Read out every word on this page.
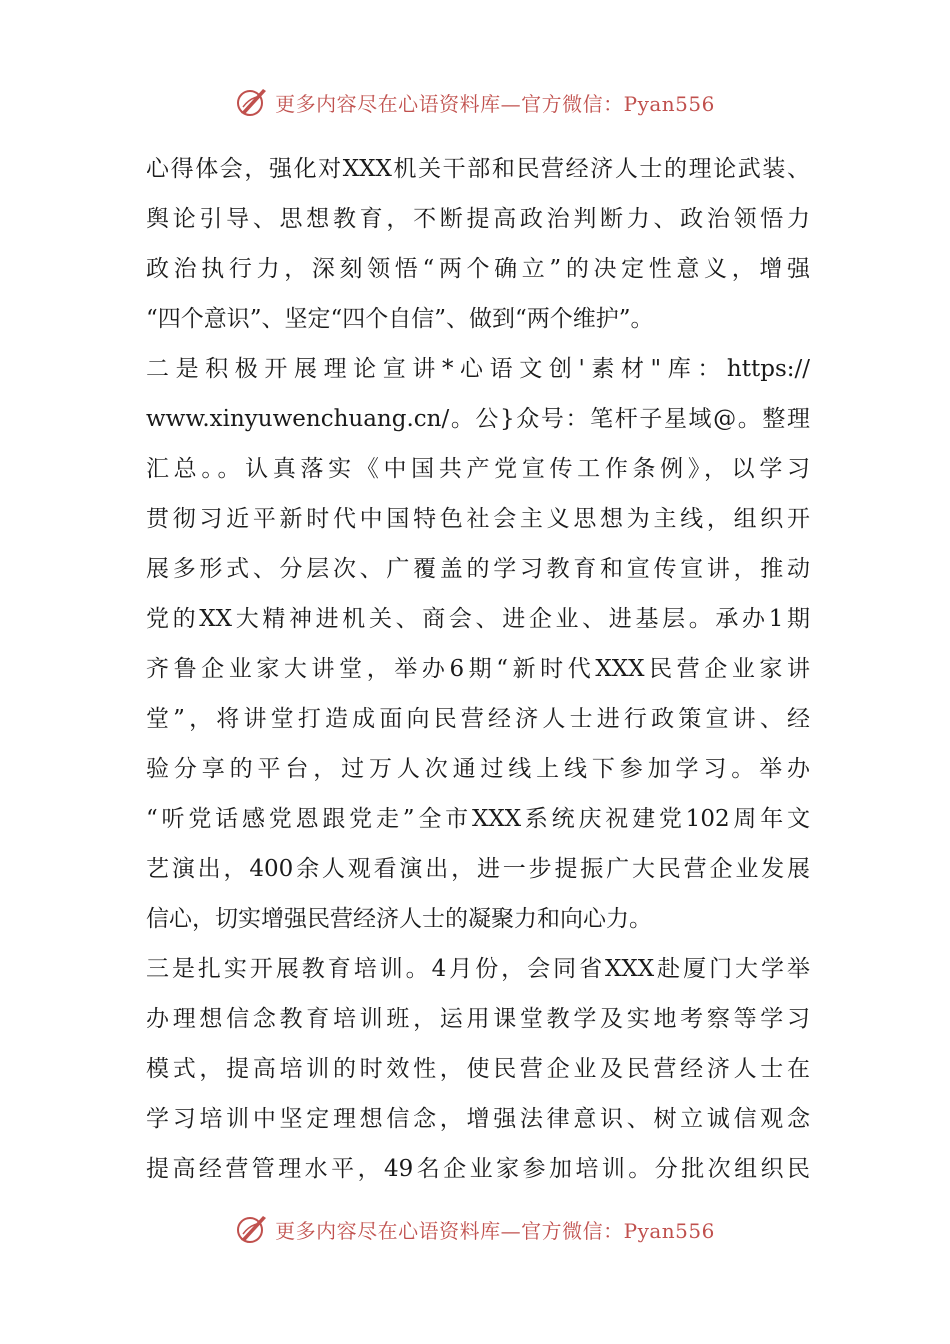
更多内容尽在心语资料库—官方微信：Pyan556
心得体会，强化对XXX机关干部和民营经济人士的理论武装、
舆论引导、思想教育，不断提高政治判断力、政治领悟力
政治执行力，深刻领悟“两个确立”的决定性意义，增强
“四个意识”、坚定“四个自信”、做到“两个维护”。
二是积极开展理论宣讲*心语文创'素材"库：https://
www.xinyuwenchuang.cn/。公}众号：笔杆子星域@。整理
汇总。。认真落实《中国共产党宣传工作条例》，以学习
贯彻习近平新时代中国特色社会主义思想为主线，组织开
展多形式、分层次、广覆盖的学习教育和宣传宣讲，推动
党的XX大精神进机关、商会、进企业、进基层。承办1期
齐鲁企业家大讲堂，举办6期“新时代XXX民营企业家讲
堂”，将讲堂打造成面向民营经济人士进行政策宣讲、经
验分享的平台，过万人次通过线上线下参加学习。举办
“听党话感党恩跟党走”全市XXX系统庆祝建党102周年文
艺演出，400余人观看演出，进一步提振广大民营企业发展
信心，切实增强民营经济人士的凝聚力和向心力。
三是扎实开展教育培训。4月份，会同省XXX赴厦门大学举
办理想信念教育培训班，运用课堂教学及实地考察等学习
模式，提高培训的时效性，使民营企业及民营经济人士在
学习培训中坚定理想信念，增强法律意识、树立诚信观念
提高经营管理水平，49名企业家参加培训。分批次组织民
更多内容尽在心语资料库—官方微信：Pyan556
